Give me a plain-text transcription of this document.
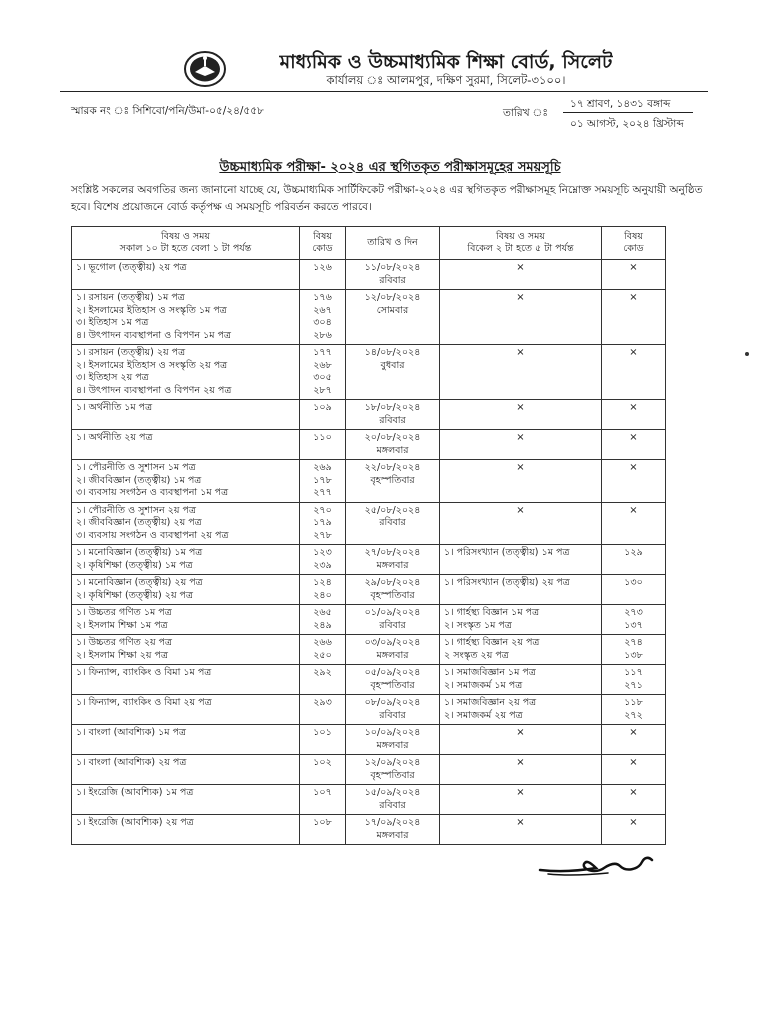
মাধ্যমিক ও উচ্চমাধ্যমিক শিক্ষা বোর্ড, সিলেট
কার্যালয় ঃ আলমপুর, দক্ষিণ সুরমা, সিলেট-৩১০০।
স্মারক নং ঃ সিশিবো/পনি/উমা-০৫/২৪/৫৫৮	তারিখ ঃ
১৭ শ্রাবণ, ১৪৩১ বঙ্গাব্দ
০১ আগস্ট, ২০২৪ খ্রিস্টাব্দ
উচ্চমাধ্যমিক পরীক্ষা- ২০২৪ এর স্থগিতকৃত পরীক্ষাসমূহের সময়সূচি
সংশ্লিষ্ট সকলের অবগতির জন্য জানানো যাচ্ছে যে, উচ্চমাধ্যমিক সার্টিফিকেট পরীক্ষা-২০২৪ এর স্থগিতকৃত পরীক্ষাসমূহ নিম্নোক্ত সময়সূচি অনুযায়ী অনুষ্ঠিত হবে। বিশেষ প্রয়োজনে বোর্ড কর্তৃপক্ষ এ সময়সূচি পরিবর্তন করতে পারবে।
বিষয় ও সময়
সকাল ১০ টা হতে বেলা ১ টা পর্যন্ত	বিষয়
কোড	তারিখ ও দিন	বিষয় ও সময়
বিকেল ২ টা হতে ৫ টা পর্যন্ত	বিষয়
কোড

১। ভূগোল (তত্ত্বীয়) ২য় পত্র	১২৬	১১/০৮/২০২৪
রবিবার	×	×

১। রসায়ন (তত্ত্বীয়) ১ম পত্র
২। ইসলামের ইতিহাস ও সংস্কৃতি ১ম পত্র
৩। ইতিহাস ১ম পত্র
৪। উৎপাদন ব্যবস্থাপনা ও বিপণন ১ম পত্র	১৭৬
২৬৭
৩০৪
২৮৬	১২/০৮/২০২৪
সোমবার	×	×

১। রসায়ন (তত্ত্বীয়) ২য় পত্র
২। ইসলামের ইতিহাস ও সংস্কৃতি ২য় পত্র
৩। ইতিহাস ২য় পত্র
৪। উৎপাদন ব্যবস্থাপনা ও বিপণন ২য় পত্র	১৭৭
২৬৮
৩০৫
২৮৭	১৪/০৮/২০২৪
বুধবার	×	×

১। অর্থনীতি ১ম পত্র	১০৯	১৮/০৮/২০২৪
রবিবার	×	×

১। অর্থনীতি ২য় পত্র	১১০	২০/০৮/২০২৪
মঙ্গলবার	×	×

১। পৌরনীতি ও সুশাসন ১ম পত্র
২। জীববিজ্ঞান (তত্ত্বীয়) ১ম পত্র
৩। ব্যবসায় সংগঠন ও ব্যবস্থাপনা ১ম পত্র	২৬৯
১৭৮
২৭৭	২২/০৮/২০২৪
বৃহস্পতিবার	×	×

১। পৌরনীতি ও সুশাসন ২য় পত্র
২। জীববিজ্ঞান (তত্ত্বীয়) ২য় পত্র
৩। ব্যবসায় সংগঠন ও ব্যবস্থাপনা ২য় পত্র	২৭০
১৭৯
২৭৮	২৫/০৮/২০২৪
রবিবার	×	×

১। মনোবিজ্ঞান (তত্ত্বীয়) ১ম পত্র
২। কৃষিশিক্ষা (তত্ত্বীয়) ১ম পত্র	১২৩
২৩৯	২৭/০৮/২০২৪
মঙ্গলবার	১। পরিসংখ্যান (তত্ত্বীয়) ১ম পত্র	১২৯

১। মনোবিজ্ঞান (তত্ত্বীয়) ২য় পত্র
২। কৃষিশিক্ষা (তত্ত্বীয়) ২য় পত্র	১২৪
২৪০	২৯/০৮/২০২৪
বৃহস্পতিবার	১। পরিসংখ্যান (তত্ত্বীয়) ২য় পত্র	১৩০

১। উচ্চতর গণিত ১ম পত্র
২। ইসলাম শিক্ষা ১ম পত্র	২৬৫
২৪৯	০১/০৯/২০২৪
রবিবার	১। গার্হস্থ্য বিজ্ঞান ১ম পত্র
২। সংস্কৃত ১ম পত্র	২৭৩
১৩৭

১। উচ্চতর গণিত ২য় পত্র
২। ইসলাম শিক্ষা ২য় পত্র	২৬৬
২৫০	০৩/০৯/২০২৪
মঙ্গলবার	১। গার্হস্থ্য বিজ্ঞান ২য় পত্র
২ সংস্কৃত ২য় পত্র	২৭৪
১৩৮

১। ফিন্যান্স, ব্যাংকিং ও বিমা ১ম পত্র	২৯২	০৫/০৯/২০২৪
বৃহস্পতিবার	১। সমাজবিজ্ঞান ১ম পত্র
২। সমাজকর্ম ১ম পত্র	১১৭
২৭১

১। ফিন্যান্স, ব্যাংকিং ও বিমা ২য় পত্র	২৯৩	০৮/০৯/২০২৪
রবিবার	১। সমাজবিজ্ঞান ২য় পত্র
২। সমাজকর্ম ২য় পত্র	১১৮
২৭২

১। বাংলা (আবশ্যিক) ১ম পত্র	১০১	১০/০৯/২০২৪
মঙ্গলবার	×	×

১। বাংলা (আবশ্যিক) ২য় পত্র	১০২	১২/০৯/২০২৪
বৃহস্পতিবার	×	×

১। ইংরেজি (আবশ্যিক) ১ম পত্র	১০৭	১৫/০৯/২০২৪
রবিবার	×	×

১। ইংরেজি (আবশ্যিক) ২য় পত্র	১০৮	১৭/০৯/২০২৪
মঙ্গলবার	×	×
